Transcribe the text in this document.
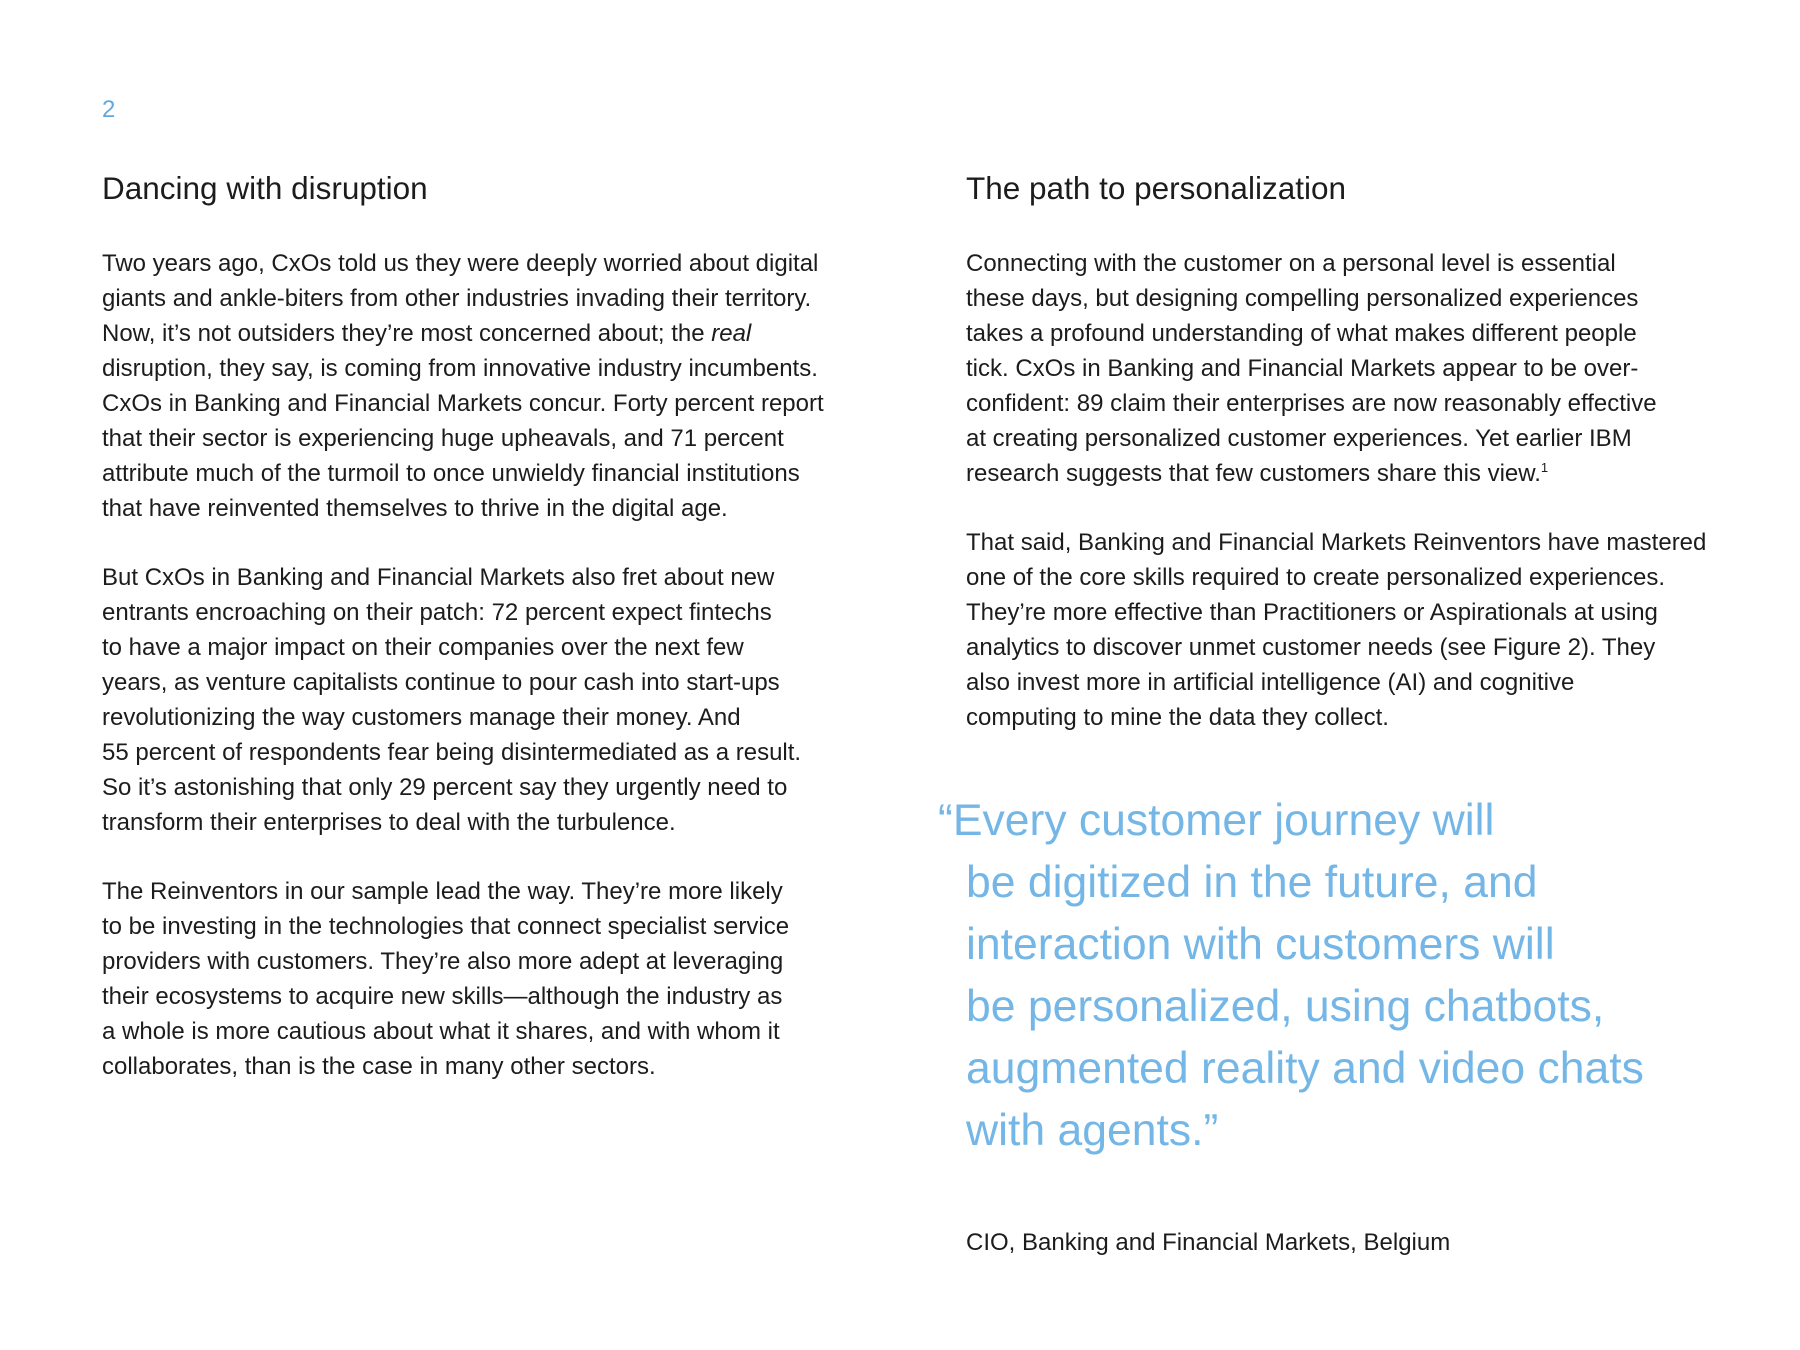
2
Dancing with disruption

Two years ago, CxOs told us they were deeply worried about digital

giants and ankle-biters from other industries invading their territory.

Now, it’s not outsiders they’re most concerned about; the real

disruption, they say, is coming from innovative industry incumbents.

CxOs in Banking and Financial Markets concur. Forty percent report

that their sector is experiencing huge upheavals, and 71 percent

attribute much of the turmoil to once unwieldy financial institutions

that have reinvented themselves to thrive in the digital age.

But CxOs in Banking and Financial Markets also fret about new

entrants encroaching on their patch: 72 percent expect fintechs

to have a major impact on their companies over the next few

years, as venture capitalists continue to pour cash into start-ups

revolutionizing the way customers manage their money. And

55 percent of respondents fear being disintermediated as a result.

So it’s astonishing that only 29 percent say they urgently need to

transform their enterprises to deal with the turbulence.

The Reinventors in our sample lead the way. They’re more likely

to be investing in the technologies that connect specialist service

providers with customers. They’re also more adept at leveraging

their ecosystems to acquire new skills—although the industry as

a whole is more cautious about what it shares, and with whom it

collaborates, than is the case in many other sectors.

The path to personalization

Connecting with the customer on a personal level is essential

these days, but designing compelling personalized experiences

takes a profound understanding of what makes different people

tick. CxOs in Banking and Financial Markets appear to be over-

confident: 89 claim their enterprises are now reasonably effective

at creating personalized customer experiences. Yet earlier IBM

research suggests that few customers share this view.$^1$

That said, Banking and Financial Markets Reinventors have mastered

one of the core skills required to create personalized experiences.

They’re more effective than Practitioners or Aspirationals at using

analytics to discover unmet customer needs (see Figure 2). They

also invest more in artificial intelligence (AI) and cognitive

computing to mine the data they collect.

“Every customer journey will
be digitized in the future, and
interaction with customers will
be personalized, using chatbots,
augmented reality and video chats
with agents.”
CIO, Banking and Financial Markets, Belgium
